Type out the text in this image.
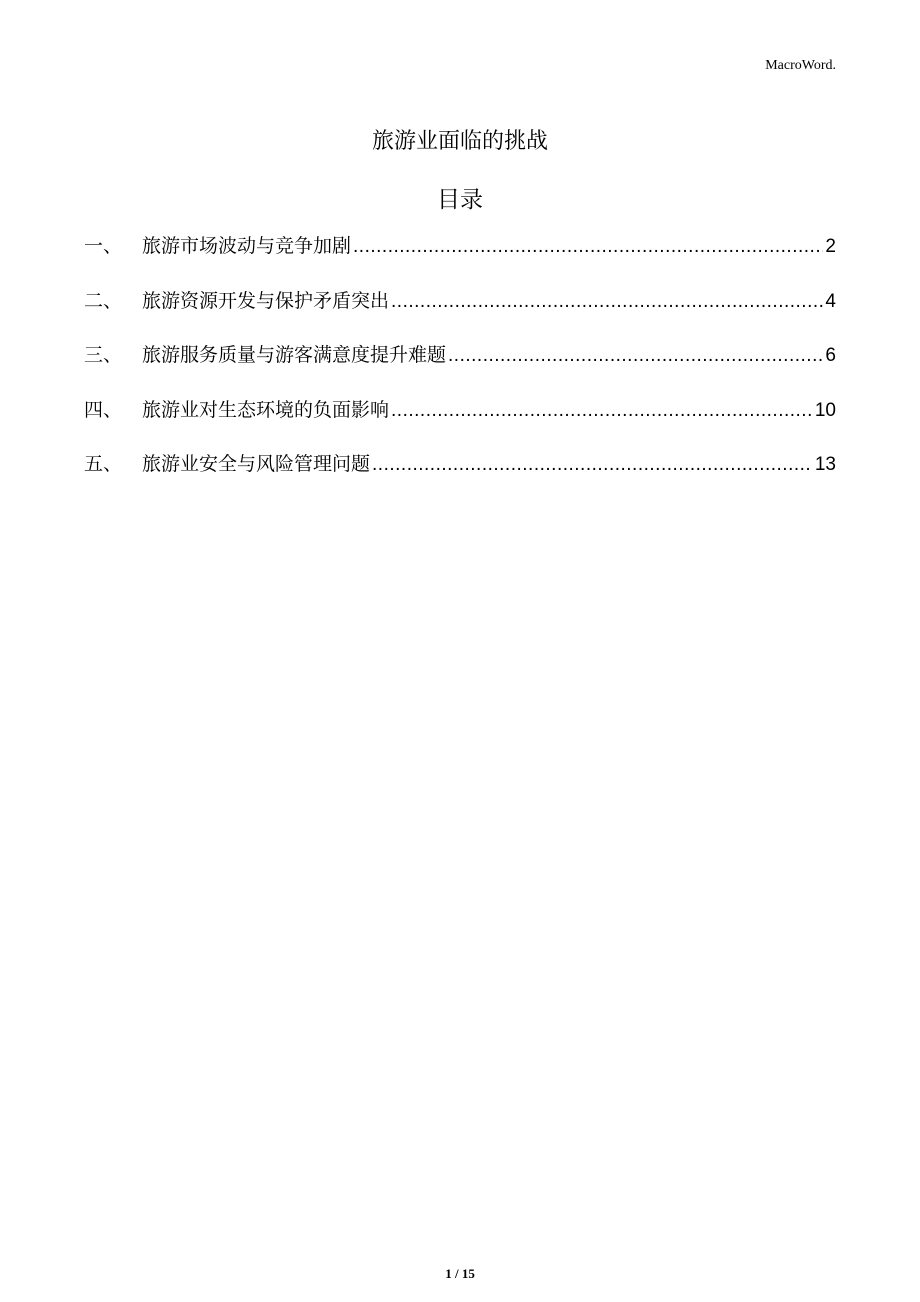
MacroWord.
旅游业面临的挑战
目录
一、	旅游市场波动与竞争加剧 .....	2
二、	旅游资源开发与保护矛盾突出 .....	4
三、	旅游服务质量与游客满意度提升难题 .....	6
四、	旅游业对生态环境的负面影响 .....	10
五、	旅游业安全与风险管理问题 .....	13
1 / 15
